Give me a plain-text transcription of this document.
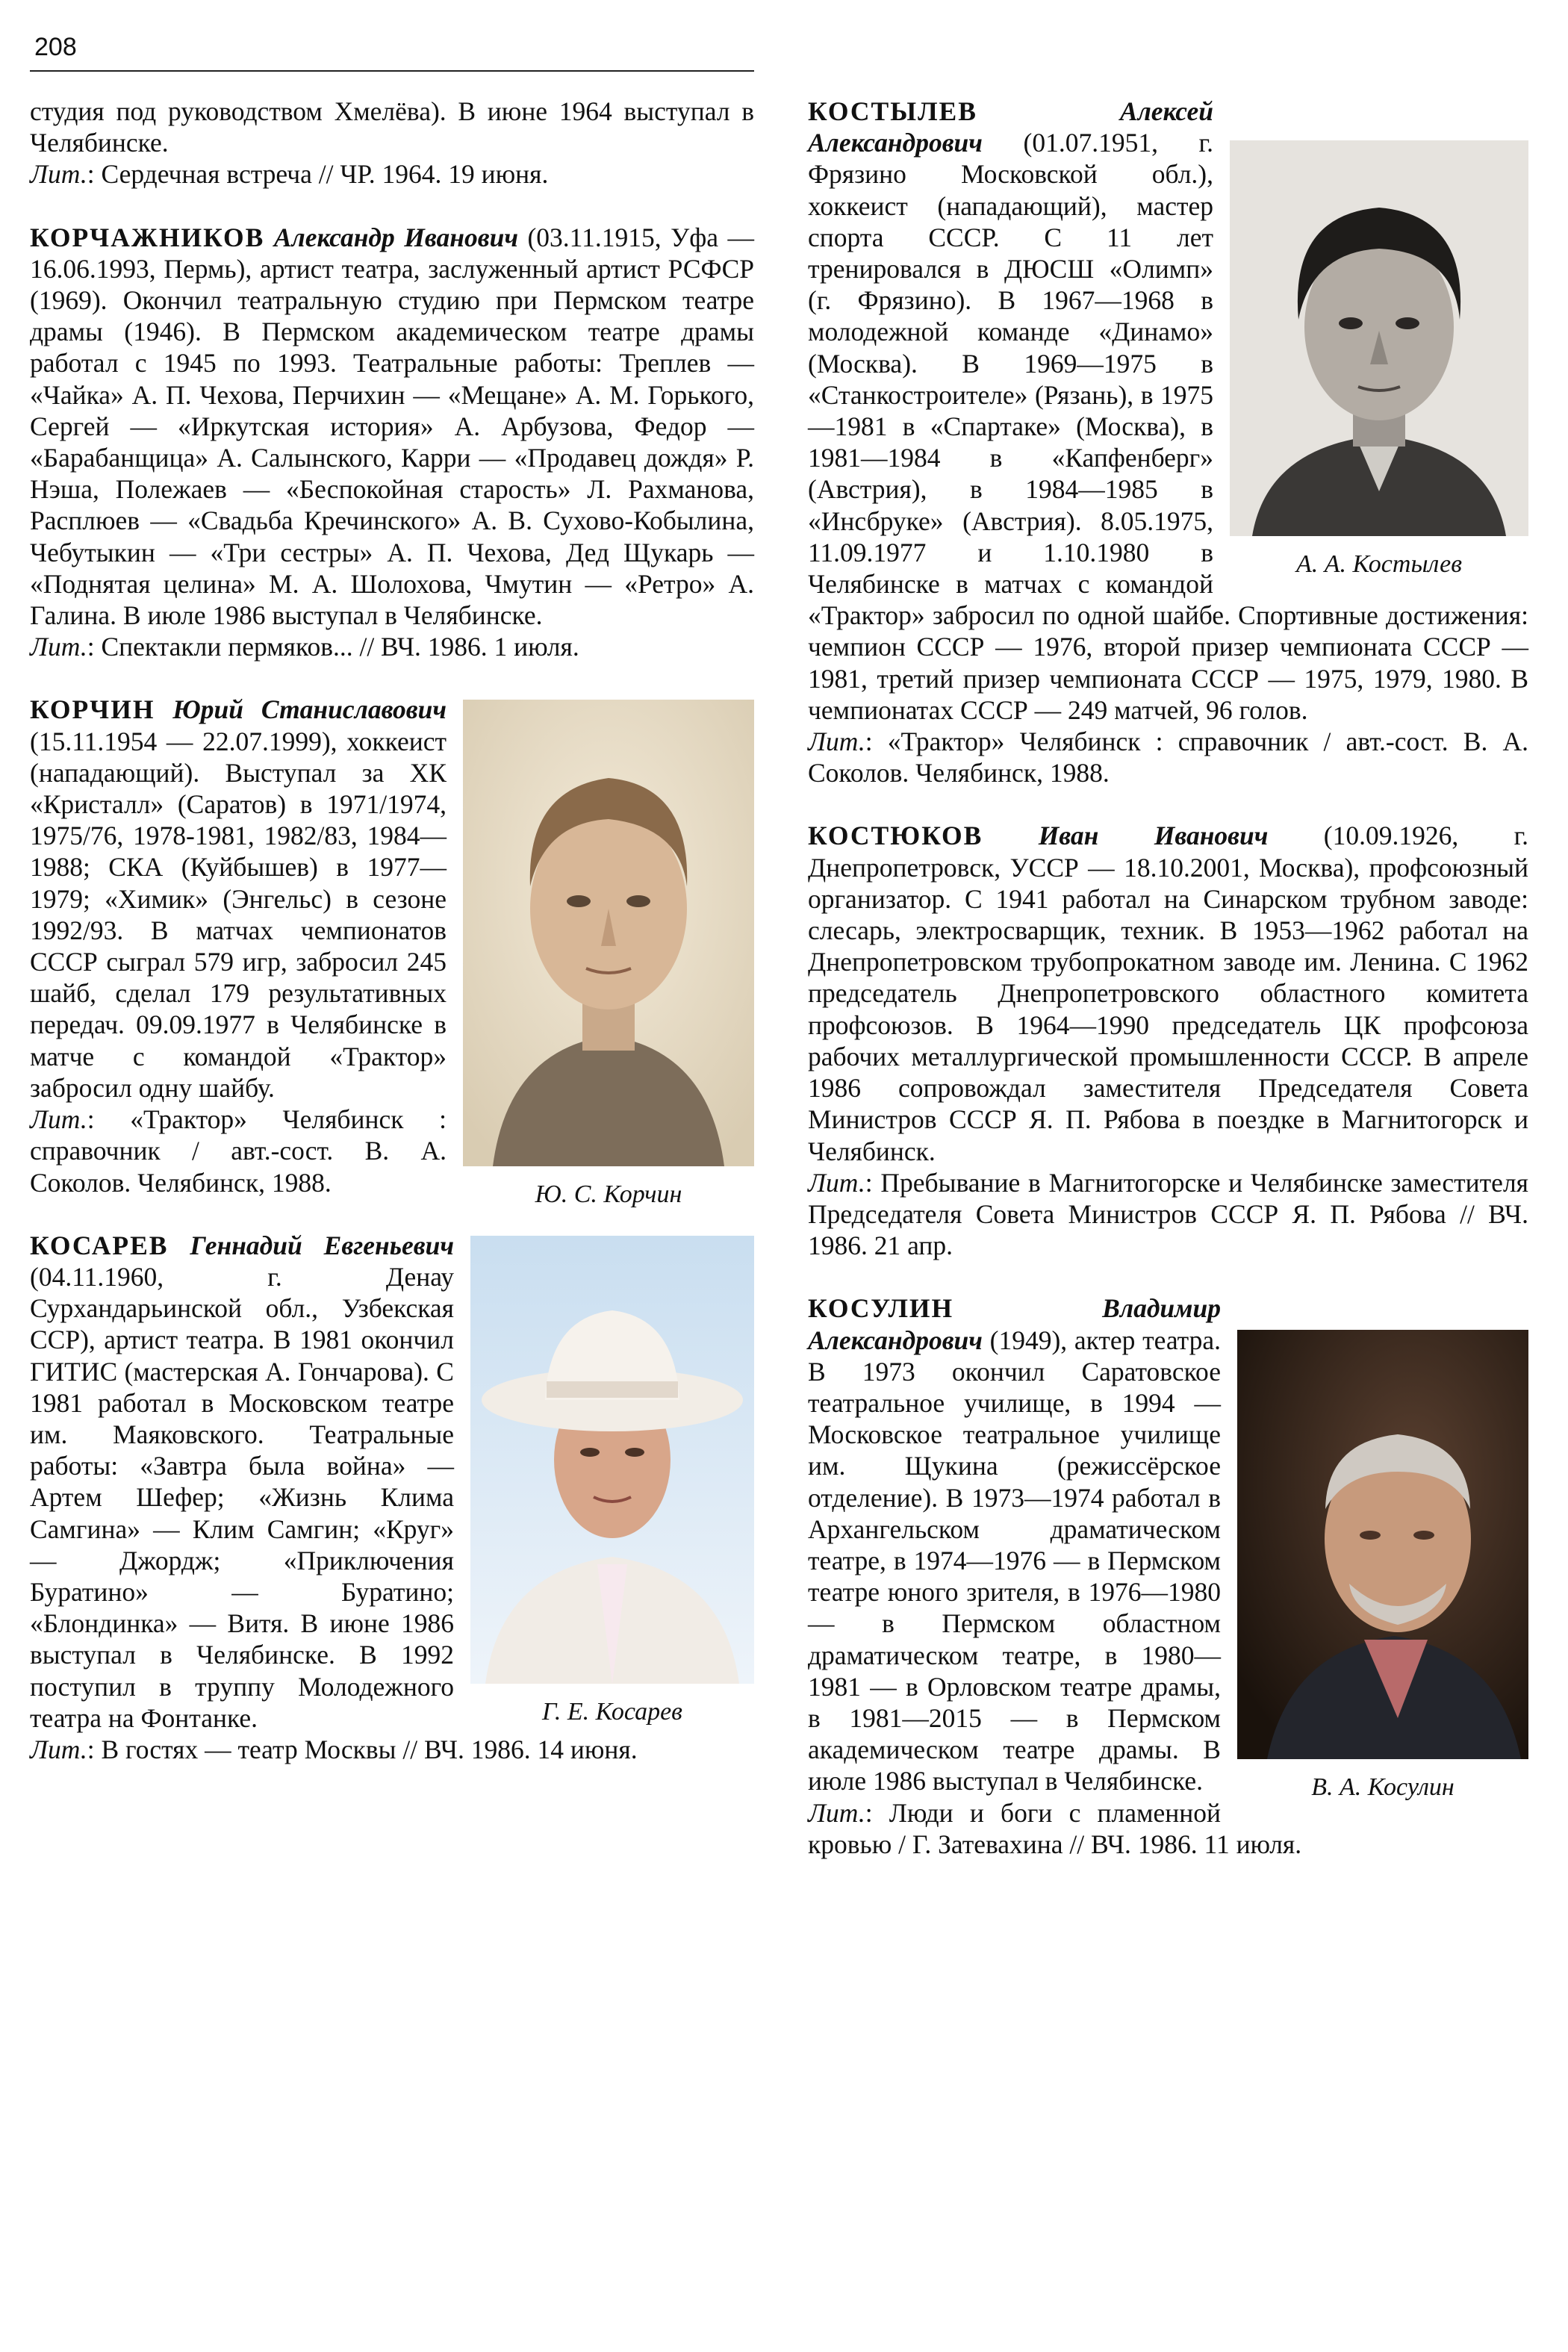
208

студия под руководством Хмелёва). В июне 1964 выступал в Челябинске.

Лит.: Сердечная встреча // ЧР. 1964. 19 июня.

КОРЧАЖНИКОВ Александр Иванович (03.11.1915, Уфа — 16.06.1993, Пермь), артист театра, заслуженный артист РСФСР (1969). Окончил театральную студию при Пермском театре драмы (1946). В Пермском академическом театре драмы работал с 1945 по 1993. Театральные работы: Треплев — «Чайка» А. П. Чехова, Перчихин — «Мещане» А. М. Горького, Сергей — «Иркутская история» А. Арбузова, Федор — «Барабанщица» А. Салынского, Карри — «Продавец дождя» Р. Нэша, Полежаев — «Беспокойная старость» Л. Рахманова, Расплюев — «Свадьба Кречинского» А. В. Сухово-Кобылина, Чебутыкин — «Три сестры» А. П. Чехова, Дед Щукарь — «Поднятая целина» М. А. Шолохова, Чмутин — «Ретро» А. Галина. В июле 1986 выступал в Челябинске.

Лит.: Спектакли пермяков... // ВЧ. 1986. 1 июля.

Ю. С. Корчин

КОРЧИН Юрий Станиславович (15.11.1954 — 22.07.1999), хоккеист (нападающий). Выступал за ХК «Кристалл» (Саратов) в 1971/1974, 1975/76, 1978-1981, 1982/83, 1984—1988; СКА (Куйбышев) в 1977—1979; «Химик» (Энгельс) в сезоне 1992/93. В матчах чемпионатов СССР сыграл 579 игр, забросил 245 шайб, сделал 179 результативных передач. 09.09.1977 в Челябинске в матче с командой «Трактор» забросил одну шайбу.

Лит.: «Трактор» Челябинск : справочник / авт.-сост. В. А. Соколов. Челябинск, 1988.

Г. Е. Косарев

КОСАРЕВ Геннадий Евгеньевич (04.11.1960, г. Денау Сурхандарьинской обл., Узбекская ССР), артист театра. В 1981 окончил ГИТИС (мастерская А. Гончарова). С 1981 работал в Московском театре им. Маяковского. Театральные работы: «Завтра была война» — Артем Шефер; «Жизнь Клима Самгина» — Клим Самгин; «Круг» — Джордж; «Приключения Буратино» — Буратино; «Блондинка» — Витя. В июне 1986 выступал в Челябинске. В 1992 поступил в труппу Молодежного театра на Фонтанке.

Лит.: В гостях — театр Москвы // ВЧ. 1986. 14 июня.

А. А. Костылев

КОСТЫЛЕВ Алексей Александрович (01.07.1951, г. Фрязино Московской обл.), хоккеист (нападающий), мастер спорта СССР. С 11 лет тренировался в ДЮСШ «Олимп» (г. Фрязино). В 1967—1968 в молодежной команде «Динамо» (Москва). В 1969—1975 в «Станкостроителе» (Рязань), в 1975—1981 в «Спартаке» (Москва), в 1981—1984 в «Капфенберг» (Австрия), в 1984—1985 в «Инсбруке» (Австрия). 8.05.1975, 11.09.1977 и 1.10.1980 в Челябинске в матчах с командой «Трактор» забросил по одной шайбе. Спортивные достижения: чемпион СССР — 1976, второй призер чемпионата СССР — 1981, третий призер чемпионата СССР — 1975, 1979, 1980. В чемпионатах СССР — 249 матчей, 96 голов.

Лит.: «Трактор» Челябинск : справочник / авт.-сост. В. А. Соколов. Челябинск, 1988.

КОСТЮКОВ Иван Иванович (10.09.1926, г. Днепропетровск, УССР — 18.10.2001, Москва), профсоюзный организатор. С 1941 работал на Синарском трубном заводе: слесарь, электросварщик, техник. В 1953—1962 работал на Днепропетровском трубопрокатном заводе им. Ленина. С 1962 председатель Днепропетровского областного комитета профсоюзов. В 1964—1990 председатель ЦК профсоюза рабочих металлургической промышленности СССР. В апреле 1986 сопровождал заместителя Председателя Совета Министров СССР Я. П. Рябова в поездке в Магнитогорск и Челябинск.

Лит.: Пребывание в Магнитогорске и Челябинске заместителя Председателя Совета Министров СССР Я. П. Рябова // ВЧ. 1986. 21 апр.

В. А. Косулин

КОСУЛИН Владимир Александрович (1949), актер театра. В 1973 окончил Саратовское театральное училище, в 1994 — Московское театральное училище им. Щукина (режиссёрское отделение). В 1973—1974 работал в Архангельском драматическом театре, в 1974—1976 — в Пермском театре юного зрителя, в 1976—1980 — в Пермском областном драматическом театре, в 1980—1981 — в Орловском театре драмы, в 1981—2015 — в Пермском академическом театре драмы. В июле 1986 выступал в Челябинске.

Лит.: Люди и боги с пламенной кровью / Г. Затевахина // ВЧ. 1986. 11 июля.
